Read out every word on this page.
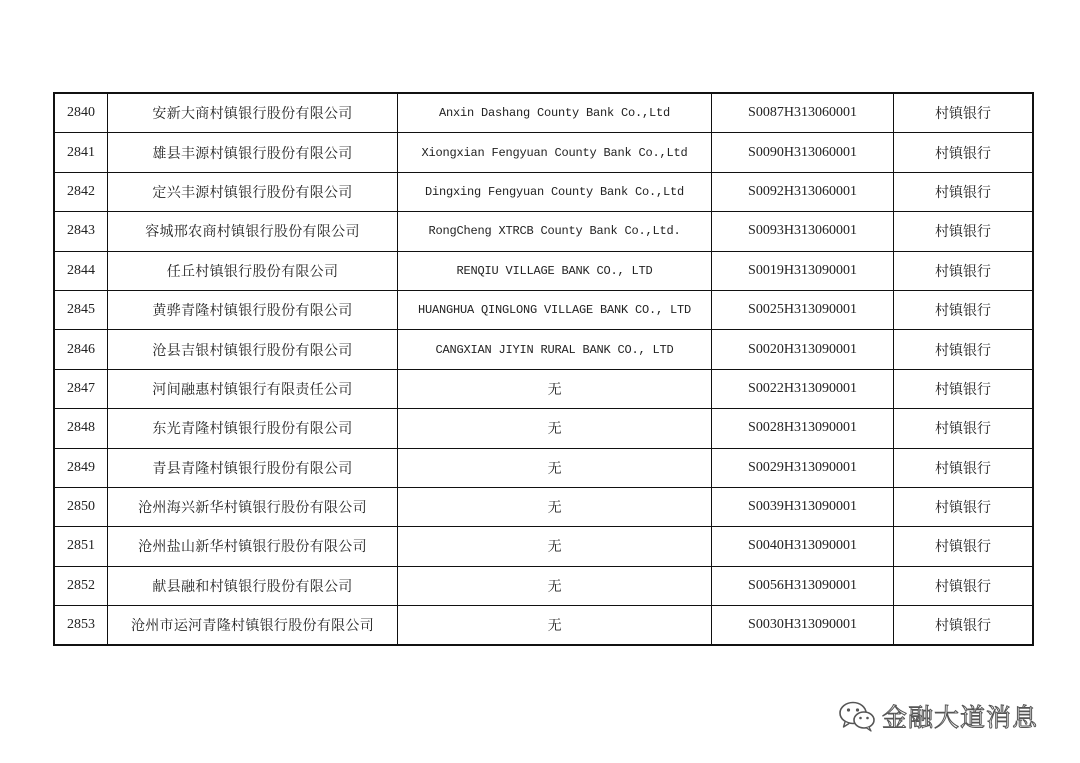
2840	安新大商村镇银行股份有限公司	Anxin Dashang County Bank Co.,Ltd	S0087H313060001	村镇银行
2841	雄县丰源村镇银行股份有限公司	Xiongxian Fengyuan County Bank Co.,Ltd	S0090H313060001	村镇银行
2842	定兴丰源村镇银行股份有限公司	Dingxing Fengyuan County Bank Co.,Ltd	S0092H313060001	村镇银行
2843	容城邢农商村镇银行股份有限公司	RongCheng XTRCB County Bank Co.,Ltd.	S0093H313060001	村镇银行
2844	任丘村镇银行股份有限公司	RENQIU VILLAGE BANK CO., LTD	S0019H313090001	村镇银行
2845	黄骅青隆村镇银行股份有限公司	HUANGHUA QINGLONG VILLAGE BANK CO., LTD	S0025H313090001	村镇银行
2846	沧县吉银村镇银行股份有限公司	CANGXIAN JIYIN RURAL BANK CO., LTD	S0020H313090001	村镇银行
2847	河间融惠村镇银行有限责任公司	无	S0022H313090001	村镇银行
2848	东光青隆村镇银行股份有限公司	无	S0028H313090001	村镇银行
2849	青县青隆村镇银行股份有限公司	无	S0029H313090001	村镇银行
2850	沧州海兴新华村镇银行股份有限公司	无	S0039H313090001	村镇银行
2851	沧州盐山新华村镇银行股份有限公司	无	S0040H313090001	村镇银行
2852	献县融和村镇银行股份有限公司	无	S0056H313090001	村镇银行
2853	沧州市运河青隆村镇银行股份有限公司	无	S0030H313090001	村镇银行
金融大道消息
